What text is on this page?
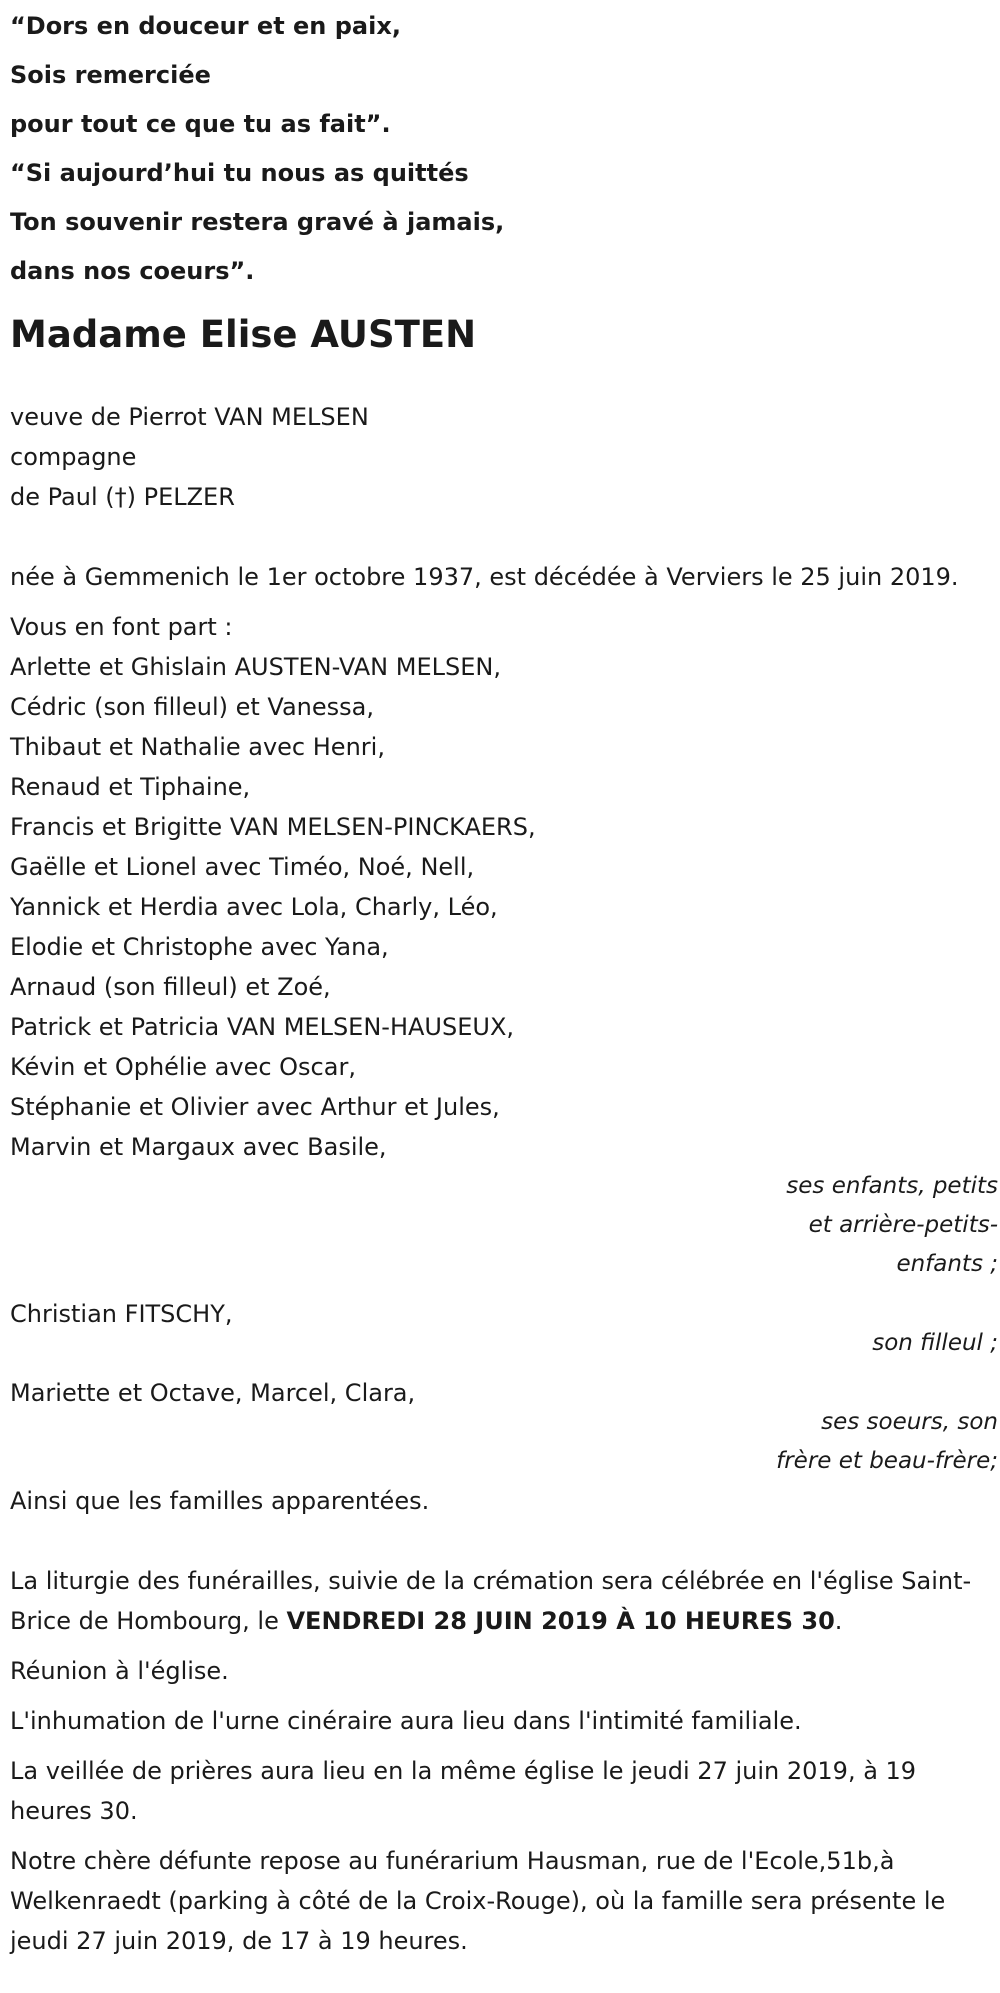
“Dors en douceur et en paix,
Sois remerciée
pour tout ce que tu as fait”.
“Si aujourd’hui tu nous as quittés
Ton souvenir restera gravé à jamais,
dans nos coeurs”.
Madame Elise AUSTEN
veuve de Pierrot VAN MELSEN
compagne
de Paul (†) PELZER
née à Gemmenich le 1er octobre 1937, est décédée à Verviers le 25 juin 2019.
Vous en font part :
Arlette et Ghislain AUSTEN-VAN MELSEN,
Cédric (son filleul) et Vanessa,
Thibaut et Nathalie avec Henri,
Renaud et Tiphaine,
Francis et Brigitte VAN MELSEN-PINCKAERS,
Gaëlle et Lionel avec Timéo, Noé, Nell,
Yannick et Herdia avec Lola, Charly, Léo,
Elodie et Christophe avec Yana,
Arnaud (son filleul) et Zoé,
Patrick et Patricia VAN MELSEN-HAUSEUX,
Kévin et Ophélie avec Oscar,
Stéphanie et Olivier avec Arthur et Jules,
Marvin et Margaux avec Basile,
ses enfants, petits
et arrière-petits-
enfants ;
Christian FITSCHY,
son filleul ;
Mariette et Octave, Marcel, Clara,
ses soeurs, son
frère et beau-frère;
Ainsi que les familles apparentées.
La liturgie des funérailles, suivie de la crémation sera célébrée en l'église Saint-Brice de Hombourg, le VENDREDI 28 JUIN 2019 À 10 HEURES 30.
Réunion à l'église.
L'inhumation de l'urne cinéraire aura lieu dans l'intimité familiale.
La veillée de prières aura lieu en la même église le jeudi 27 juin 2019, à 19 heures 30.
Notre chère défunte repose au funérarium Hausman, rue de l'Ecole,51b,à Welkenraedt (parking à côté de la Croix-Rouge), où la famille sera présente le jeudi 27 juin 2019, de 17 à 19 heures.
